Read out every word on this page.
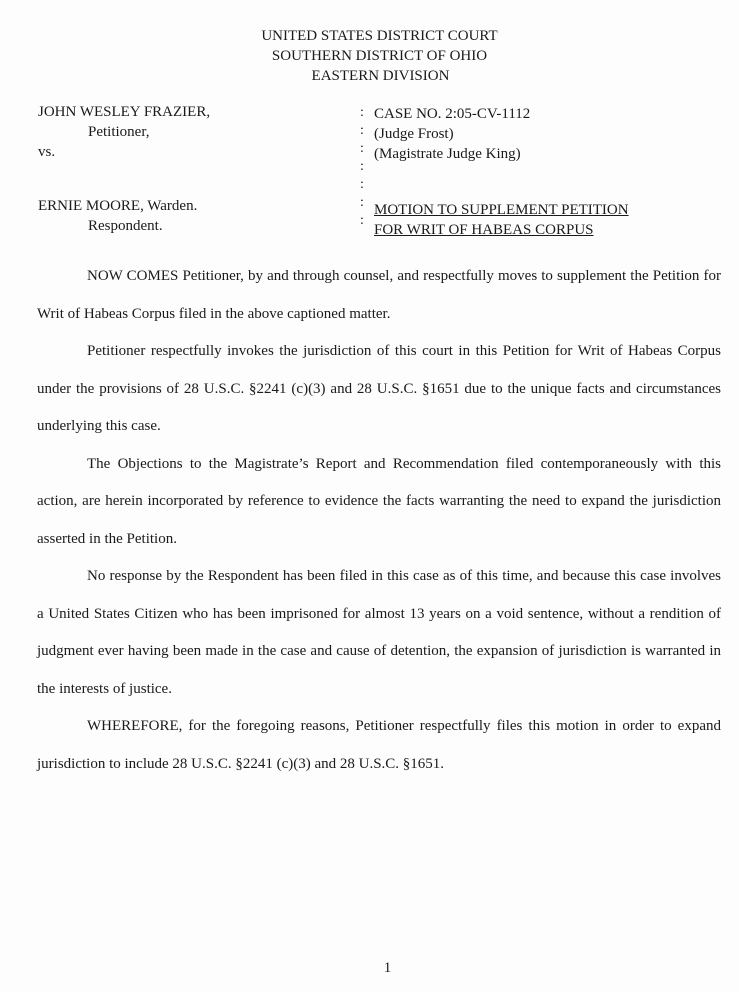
UNITED STATES DISTRICT COURT
SOUTHERN DISTRICT OF OHIO
EASTERN DIVISION
JOHN WESLEY FRAZIER,
Petitioner,
vs.
ERNIE MOORE, Warden.
Respondent.
:
:
:
:
:
:
:
CASE NO. 2:05-CV-1112
(Judge Frost)
(Magistrate Judge King)
MOTION TO SUPPLEMENT PETITION
FOR WRIT OF HABEAS CORPUS

NOW COMES Petitioner, by and through counsel, and respectfully moves to supplement the Petition for Writ of Habeas Corpus filed in the above captioned matter.

Petitioner respectfully invokes the jurisdiction of this court in this Petition for Writ of Habeas Corpus under the provisions of 28 U.S.C. §2241 (c)(3) and 28 U.S.C. §1651 due to the unique facts and circumstances underlying this case.

The Objections to the Magistrate’s Report and Recommendation filed contemporaneously with this action, are herein incorporated by reference to evidence the facts warranting the need to expand the jurisdiction asserted in the Petition.

No response by the Respondent has been filed in this case as of this time, and because this case involves a United States Citizen who has been imprisoned for almost 13 years on a void sentence, without a rendition of judgment ever having been made in the case and cause of detention, the expansion of jurisdiction is warranted in the interests of justice.

WHEREFORE, for the foregoing reasons, Petitioner respectfully files this motion in order to expand jurisdiction to include 28 U.S.C. §2241 (c)(3) and 28 U.S.C. §1651.

1
